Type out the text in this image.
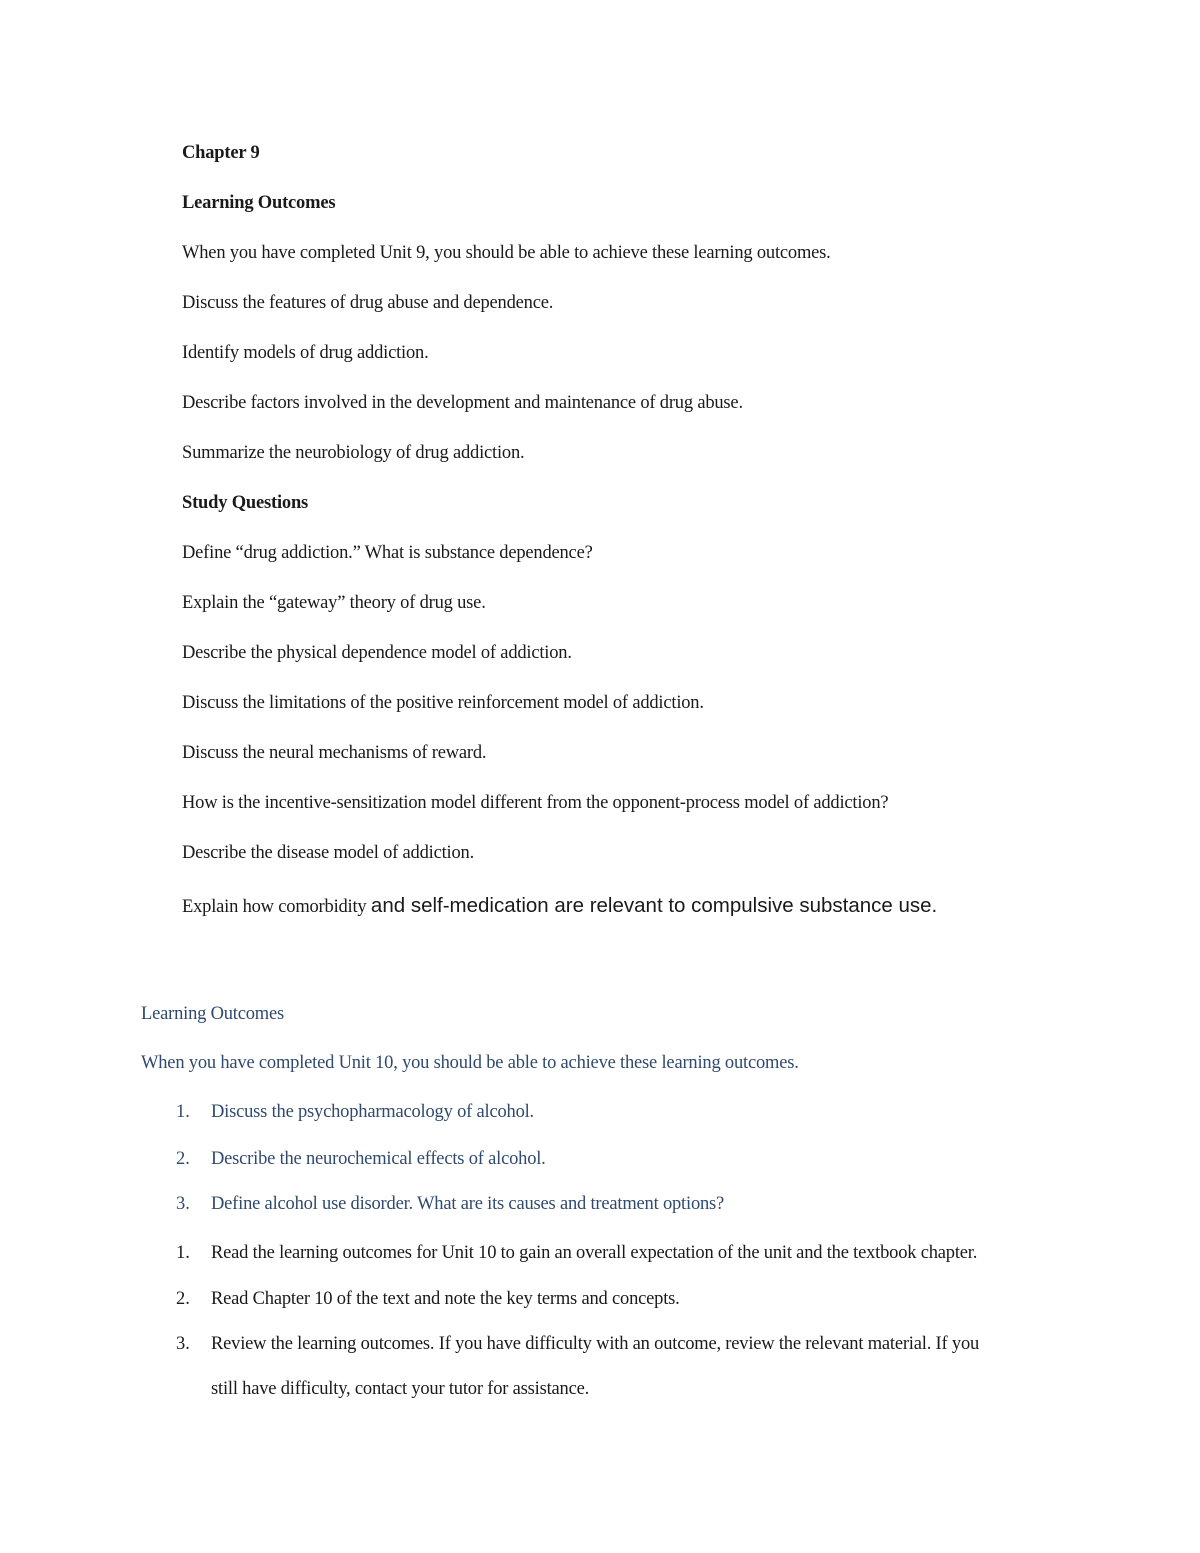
Chapter 9
Learning Outcomes
When you have completed Unit 9, you should be able to achieve these learning outcomes.
Discuss the features of drug abuse and dependence.
Identify models of drug addiction.
Describe factors involved in the development and maintenance of drug abuse.
Summarize the neurobiology of drug addiction.
Study Questions
Define “drug addiction.” What is substance dependence?
Explain the “gateway” theory of drug use.
Describe the physical dependence model of addiction.
Discuss the limitations of the positive reinforcement model of addiction.
Discuss the neural mechanisms of reward.
How is the incentive-sensitization model different from the opponent-process model of addiction?
Describe the disease model of addiction.
Explain how comorbidity and self-medication are relevant to compulsive substance use.
Learning Outcomes
When you have completed Unit 10, you should be able to achieve these learning outcomes.
1. Discuss the psychopharmacology of alcohol.
2. Describe the neurochemical effects of alcohol.
3. Define alcohol use disorder. What are its causes and treatment options?
1. Read the learning outcomes for Unit 10 to gain an overall expectation of the unit and the textbook chapter.
2. Read Chapter 10 of the text and note the key terms and concepts.
3. Review the learning outcomes. If you have difficulty with an outcome, review the relevant material. If you
still have difficulty, contact your tutor for assistance.
